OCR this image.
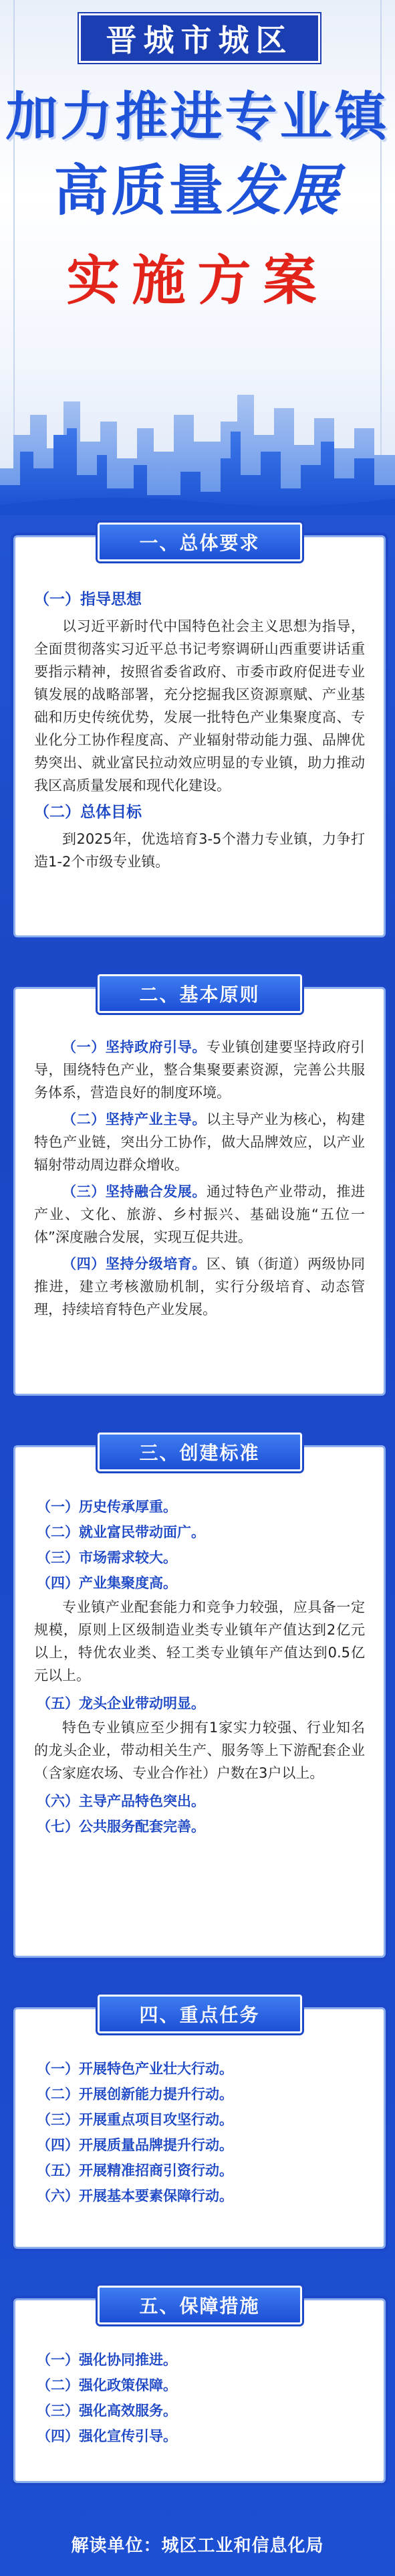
晋城市城区
加力推进专业镇
高质量发展
实施方案
一、总体要求
（一）指导思想

以习近平新时代中国特色社会主义思想为指导，全面贯彻落实习近平总书记考察调研山西重要讲话重要指示精神，按照省委省政府、市委市政府促进专业镇发展的战略部署，充分挖掘我区资源禀赋、产业基础和历史传统优势，发展一批特色产业集聚度高、专业化分工协作程度高、产业辐射带动能力强、品牌优势突出、就业富民拉动效应明显的专业镇，助力推动我区高质量发展和现代化建设。

（二）总体目标

到2025年，优选培育3-5个潜力专业镇，力争打造1-2个市级专业镇。

二、基本原则

（一）坚持政府引导。专业镇创建要坚持政府引导，围绕特色产业，整合集聚要素资源，完善公共服务体系，营造良好的制度环境。

（二）坚持产业主导。以主导产业为核心，构建特色产业链，突出分工协作，做大品牌效应，以产业辐射带动周边群众增收。

（三）坚持融合发展。通过特色产业带动，推进产业、文化、旅游、乡村振兴、基础设施“五位一体”深度融合发展，实现互促共进。

（四）坚持分级培育。区、镇（街道）两级协同推进，建立考核激励机制，实行分级培育、动态管理，持续培育特色产业发展。

三、创建标准
（一）历史传承厚重。
（二）就业富民带动面广。
（三）市场需求较大。
（四）产业集聚度高。

专业镇产业配套能力和竞争力较强，应具备一定规模，原则上区级制造业类专业镇年产值达到2亿元以上，特优农业类、轻工类专业镇年产值达到0.5亿元以上。

（五）龙头企业带动明显。

特色专业镇应至少拥有1家实力较强、行业知名的龙头企业，带动相关生产、服务等上下游配套企业（含家庭农场、专业合作社）户数在3户以上。

（六）主导产品特色突出。
（七）公共服务配套完善。
四、重点任务
（一）开展特色产业壮大行动。
（二）开展创新能力提升行动。
（三）开展重点项目攻坚行动。
（四）开展质量品牌提升行动。
（五）开展精准招商引资行动。
（六）开展基本要素保障行动。
五、保障措施
（一）强化协同推进。
（二）强化政策保障。
（三）强化高效服务。
（四）强化宣传引导。
解读单位：城区工业和信息化局
